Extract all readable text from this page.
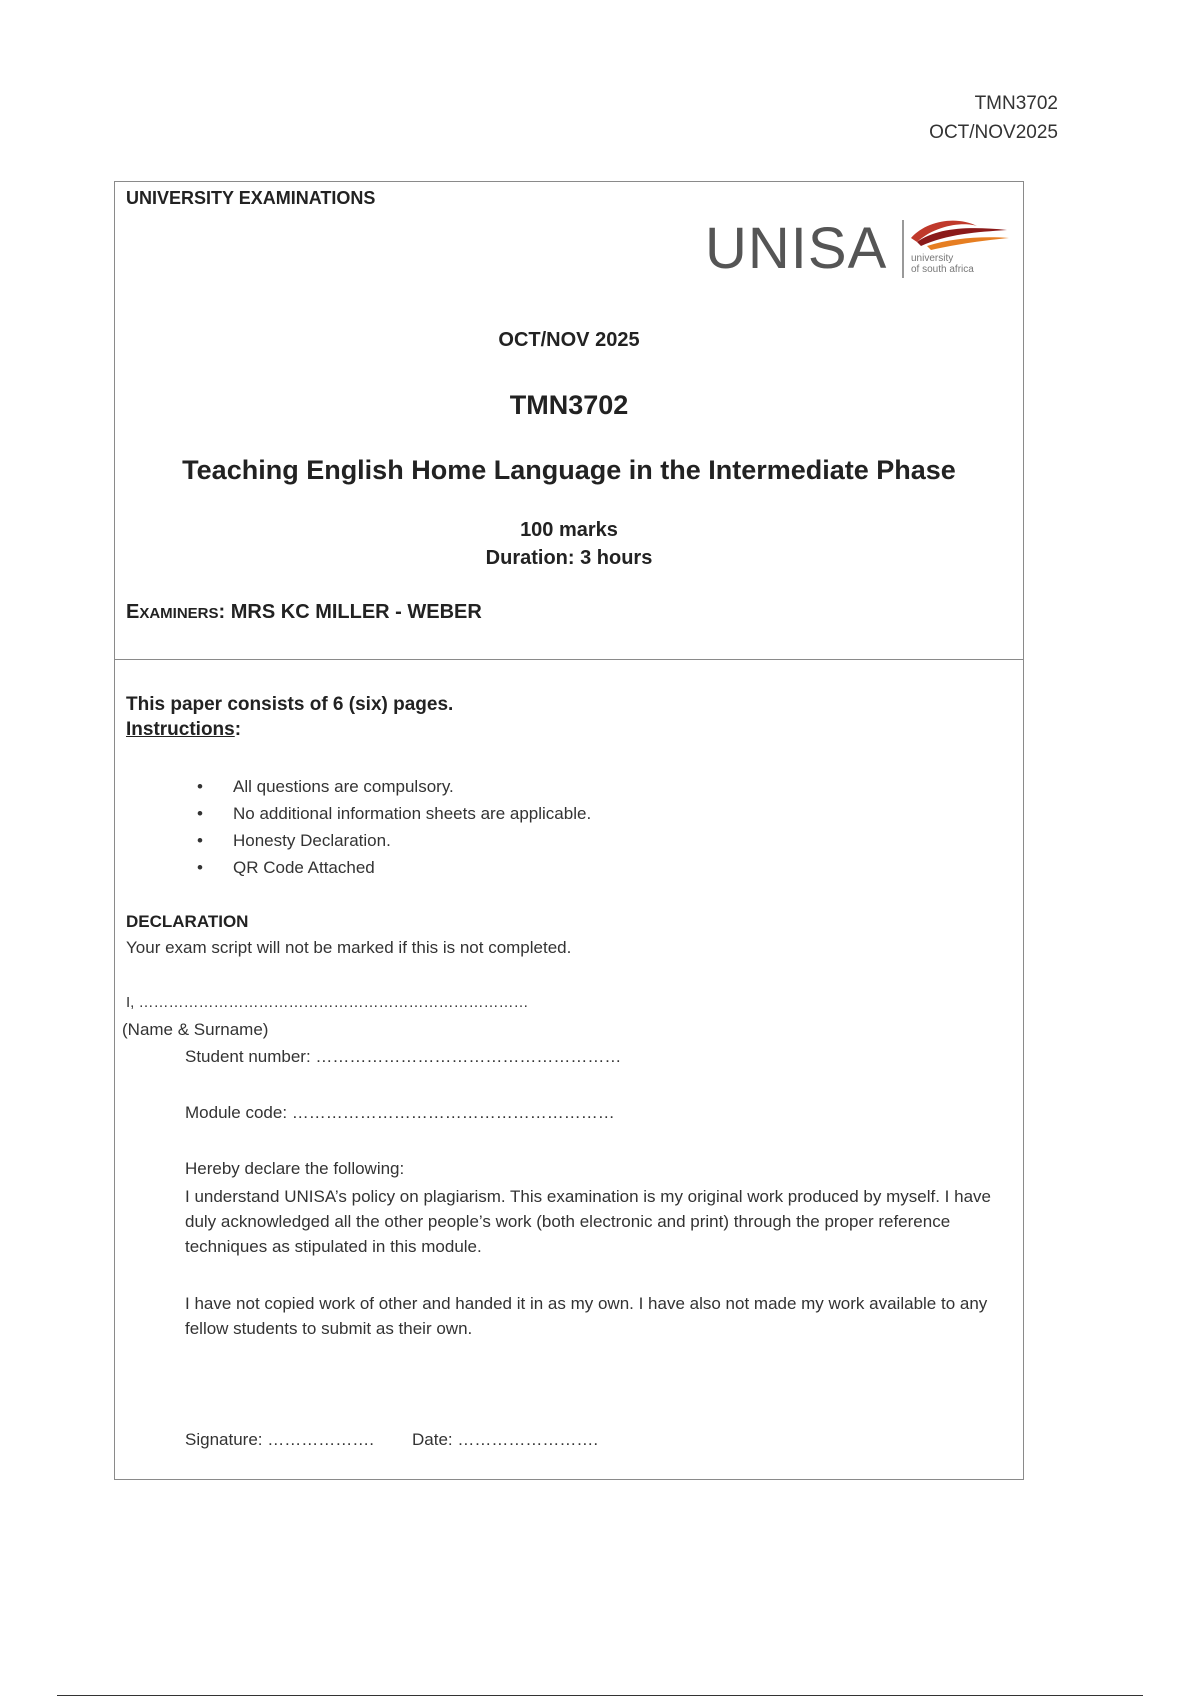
TMN3702
OCT/NOV2025
UNIVERSITY EXAMINATIONS
UNISA university
of south africa
OCT/NOV 2025
TMN3702
Teaching English Home Language in the Intermediate Phase
100 marks
Duration: 3 hours
EXAMINERS: MRS KC MILLER - WEBER
This paper consists of 6 (six) pages.
Instructions:
• All questions are compulsory.
• No additional information sheets are applicable.
• Honesty Declaration.
• QR Code Attached
DECLARATION
Your exam script will not be marked if this is not completed.
I, ……………………………………………………………………
(Name & Surname)
Student number: ………………………………………………
Module code: …………………………………………………
Hereby declare the following:
I understand UNISA’s policy on plagiarism. This examination is my original work produced by myself. I have duly acknowledged all the other people’s work (both electronic and print) through the proper reference techniques as stipulated in this module.
I have not copied work of other and handed it in as my own. I have also not made my work available to any fellow students to submit as their own.
Signature: ………………. Date: …………………….
